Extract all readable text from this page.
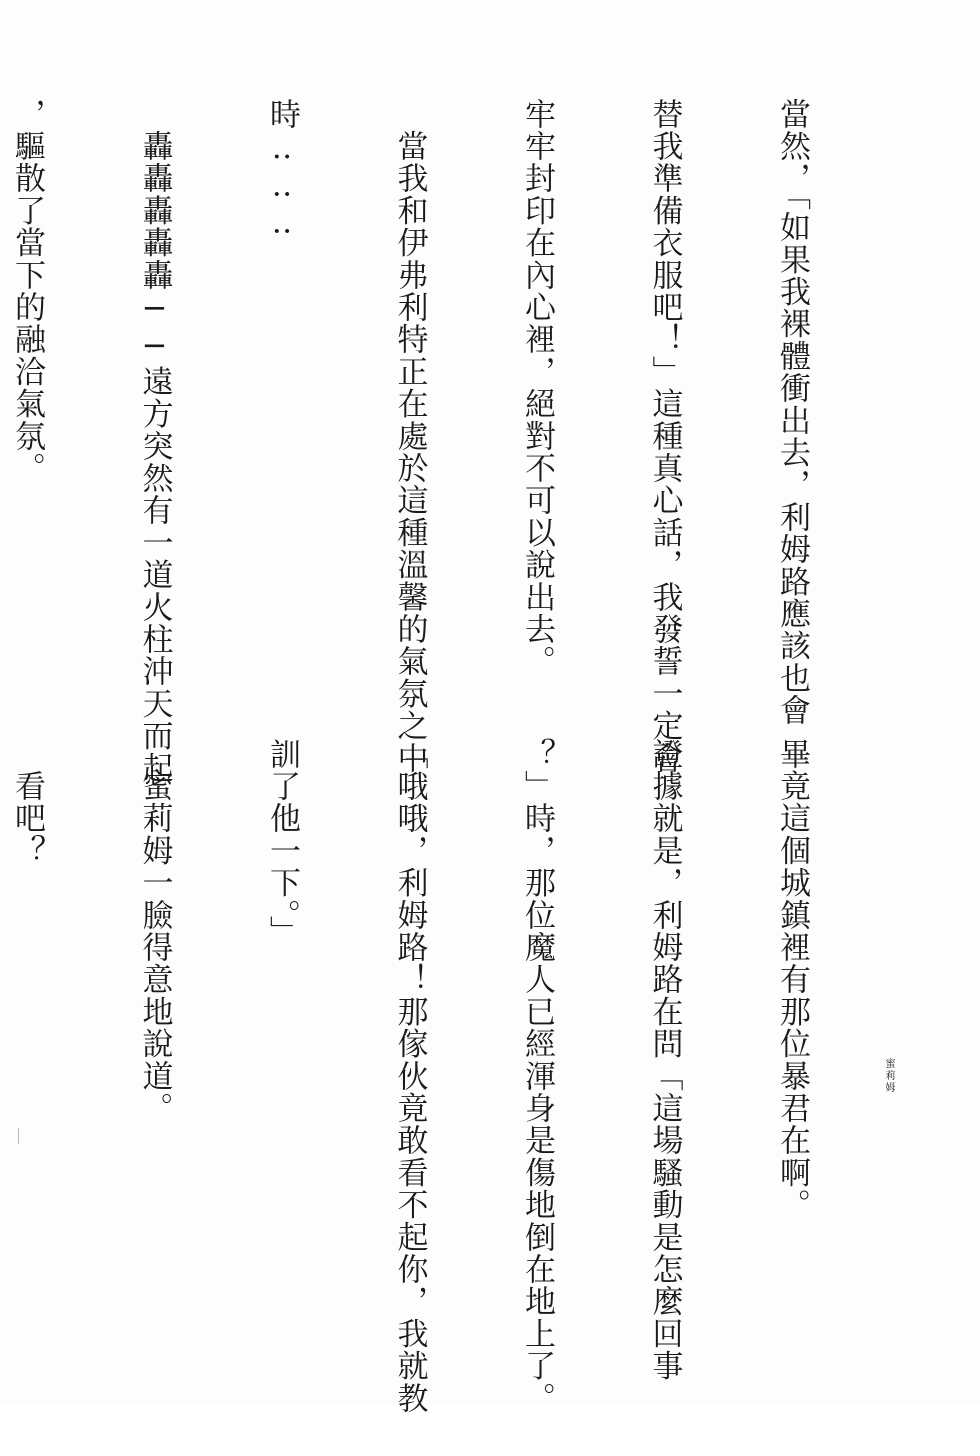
當然，「如果我裸體衝出去，利姆路應該也會

替我準備衣服吧！」這種真心話，我發誓一定會

牢牢封印在內心裡，絕對不可以說出去。

　當我和伊弗利特正在處於這種溫馨的氣氛之中

時‥‥‥

　轟轟轟轟轟──遠方突然有一道火柱沖天而起

，驅散了當下的融洽氣氛。

畢竟這個城鎮裡有那位暴君在啊。

證據就是，利姆路在問「這場騷動是怎麼回事

？」時，那位魔人已經渾身是傷地倒在地上了。

「哦哦，利姆路！那傢伙竟敢看不起你，我就教

訓了他一下。」

　蜜莉姆一臉得意地說道。

　看吧？

蜜莉姆
